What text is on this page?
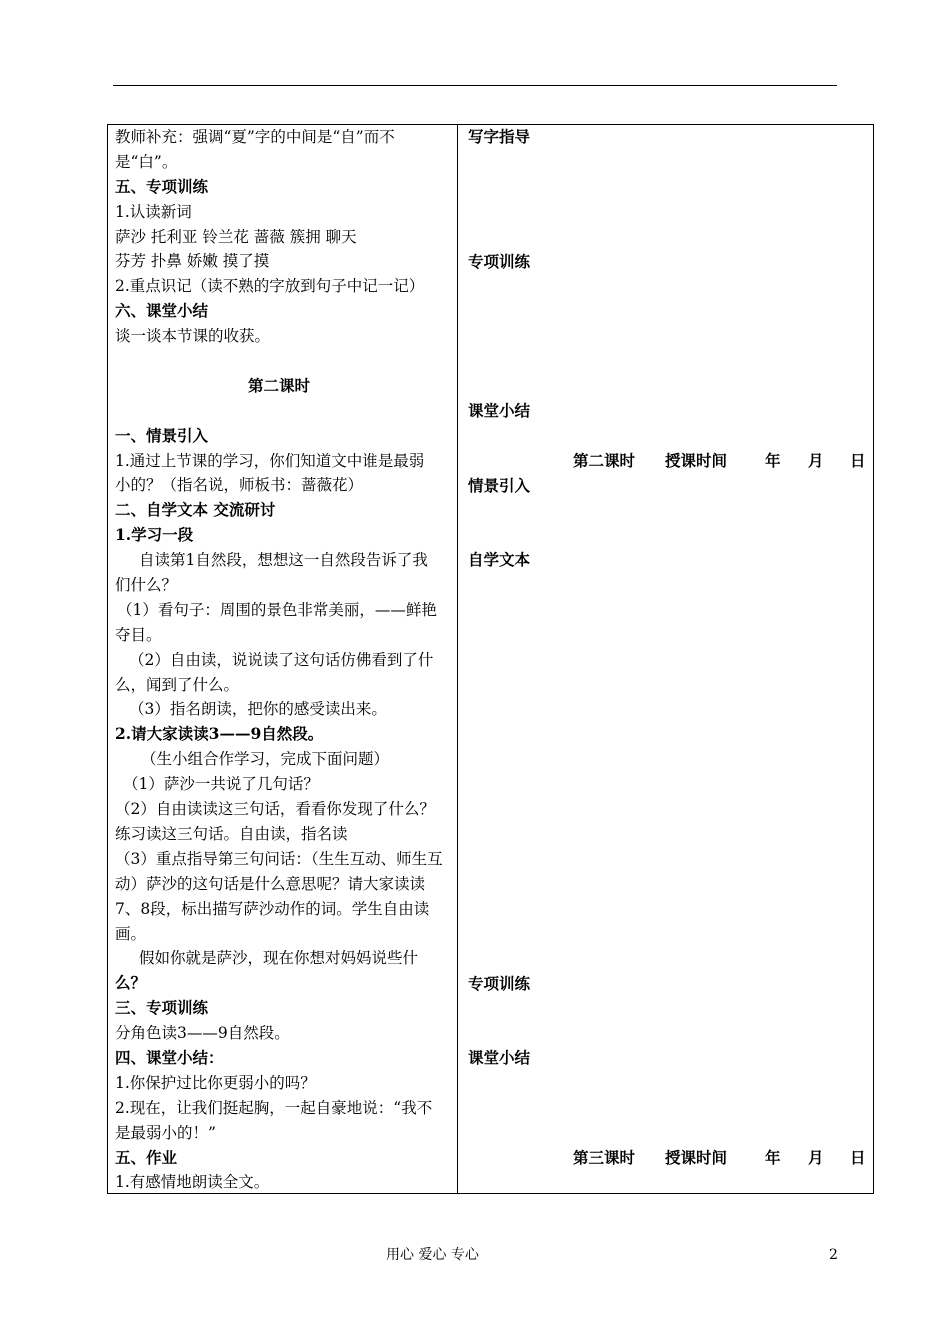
教师补充：强调“夏”字的中间是“自”而不
是“白”。
五、专项训练
1.认读新词
萨沙 托利亚 铃兰花 蔷薇 簇拥 聊天
芬芳 扑鼻 娇嫩 摸了摸
2.重点识记（读不熟的字放到句子中记一记）
六、课堂小结
谈一谈本节课的收获。
第二课时
一、情景引入
1.通过上节课的学习，你们知道文中谁是最弱
小的？（指名说，师板书：蔷薇花）
二、自学文本 交流研讨
1.学习一段
自读第1自然段，想想这一自然段告诉了我
们什么？
（1）看句子：周围的景色非常美丽，——鲜艳
夺目。
（2）自由读，说说读了这句话仿佛看到了什
么，闻到了什么。
（3）指名朗读，把你的感受读出来。
2.请大家读读3——9自然段。
（生小组合作学习，完成下面问题）
（1）萨沙一共说了几句话？
（2）自由读读这三句话，看看你发现了什么？
练习读这三句话。自由读，指名读
（3）重点指导第三句问话：（生生互动、师生互
动）萨沙的这句话是什么意思呢？请大家读读
7、8段，标出描写萨沙动作的词。学生自由读
画。
假如你就是萨沙，现在你想对妈妈说些什
么？
三、专项训练
分角色读3——9自然段。
四、课堂小结：
1.你保护过比你更弱小的吗？
2.现在，让我们挺起胸，一起自豪地说：“我不
是最弱小的！”
五、作业
1.有感情地朗读全文。
写字指导
专项训练
课堂小结
情景引入
自学文本
专项训练
课堂小结
第二课时 授课时间 年 月 日
第三课时 授课时间 年 月 日
用心 爱心 专心	2
